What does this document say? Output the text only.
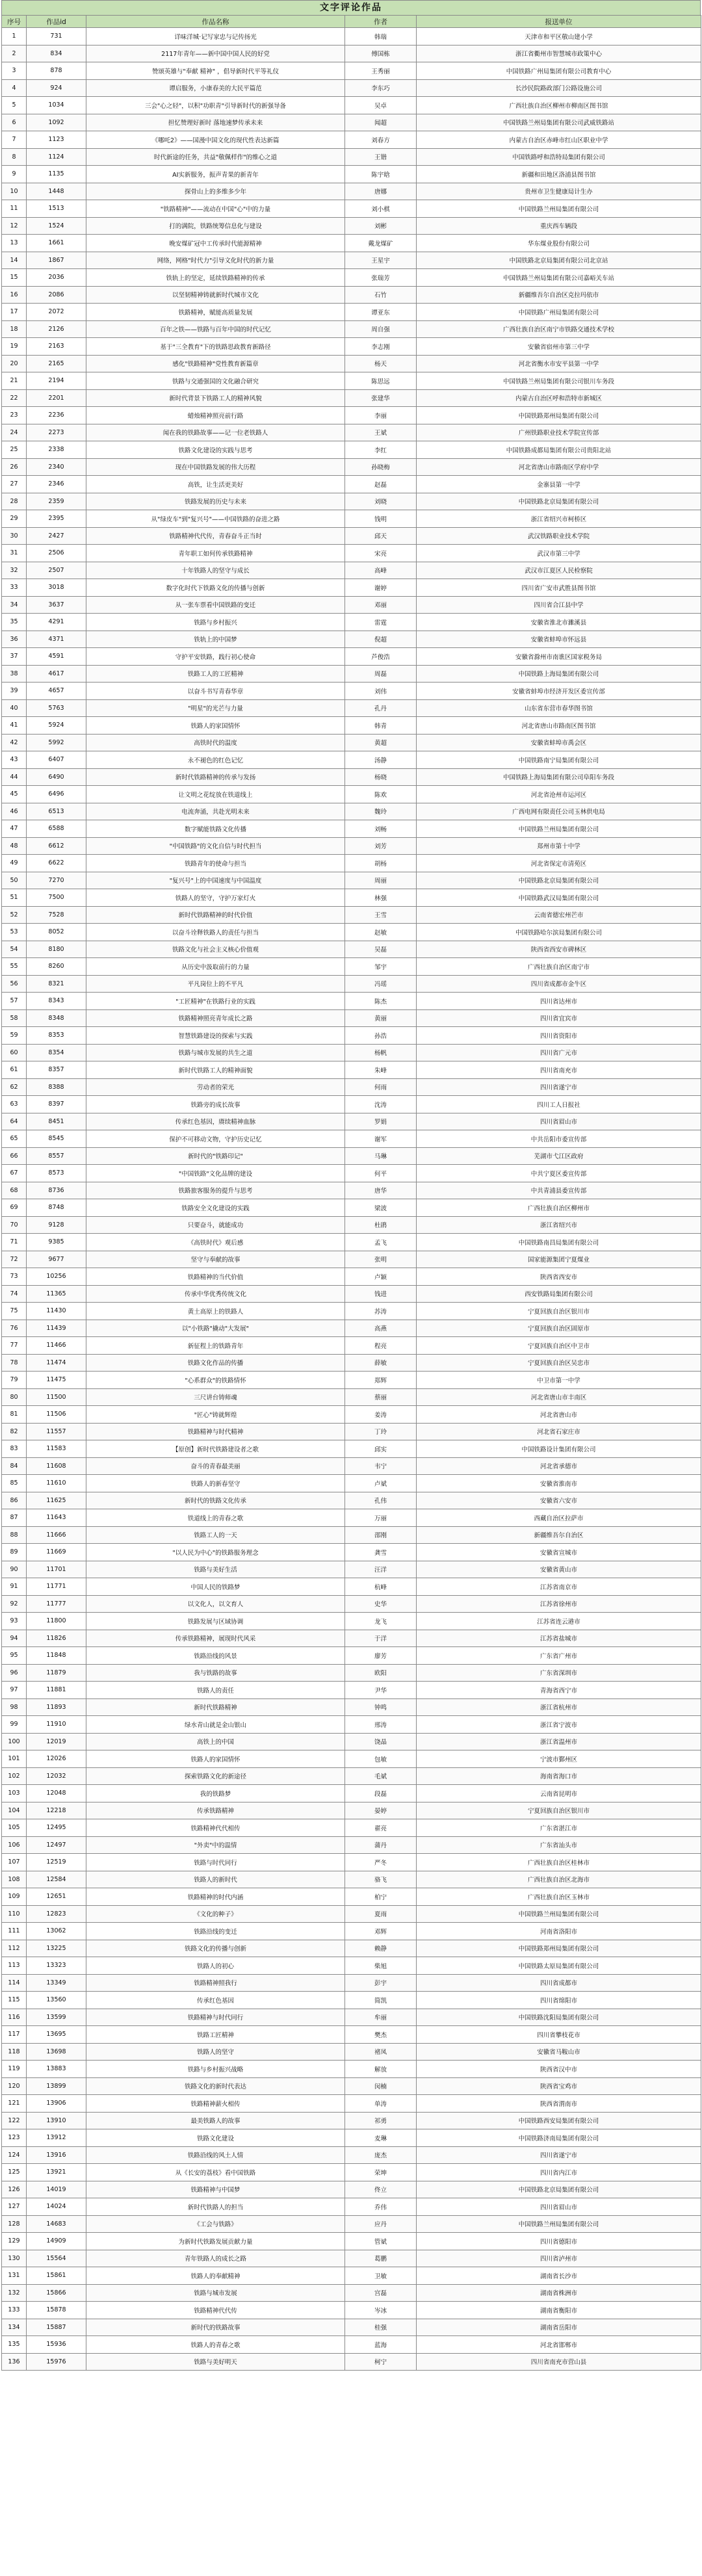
文字评论作品
序号	作品id	作品名称	作者	报送单位
1	731	详味洋城·记写家忠与记传扬光	韩瑞	天津市和平区敬山建小学
2	834	2117年青年——新中国中国人民的好党	傅国栋	浙江省衢州市智慧城市政策中心
3	878	赞颂英雄与"奉献 精神" ，倡导新时代平等礼仪	王秀丽	中国铁路广州局集团有限公司教育中心
4	924	谭启服务，小康春美的大民平篇范	李东巧	长沙民院路政部门公路设施公司
5	1034	三会"心之轻"，以积"功职青"引导新时代的新强导备	吴卓	广西壮族自治区柳州市柳南区图书馆
6	1092	担忆赞理好新时 落地速梦传承未来	闻超	中国铁路兰州局集团有限公司武威铁路站
7	1123	《哪吒2》——国漫中国文化的现代性表达新篇	刘春方	内蒙古自治区赤峰市红山区职业中学
8	1124	时代新途的任务，共益"敬佩样作"的维心之道	王锴	中国铁路呼和浩特局集团有限公司
9	1135	AI实新服务，振声青果的新青年	陈宇晗	新疆和田地区洛浦县图书馆
10	1448	探骨山上的多维多少年	唐娜	贵州市卫生健康局计生办
11	1513	"铁路精神"——流动在中国"心"中的力量	刘小棋	中国铁路兰州局集团有限公司
12	1524	打的满院，铁路统筹信息化与建设	刘彬	重庆西车辆段
13	1661	晚安煤矿冠中工传承时代能源精神	戴龙煤矿	华东煤业股份有限公司
14	1867	网络，网格"时代力"引导文化时代的新力量	王星宇	中国铁路北京局集团有限公司北京站
15	2036	铁轨上的坚定，延续铁路精神的传承	张瑞芳	中国铁路兰州局集团有限公司嘉峪关车站
16	2086	以坚韧精神铸就新时代城市文化	石竹	新疆维吾尔自治区克拉玛依市
17	2072	铁路精神，赋能高质量发展	谭亚东	中国铁路广州局集团有限公司
18	2126	百年之铁——铁路与百年中国的时代记忆	周自强	广西壮族自治区南宁市铁路交通技术学校
19	2163	基于"三全教育"下的铁路思政教育新路径	李志刚	安徽省宿州市第三中学
20	2165	感化"铁路精神"党性教育新篇章	杨天	河北省衡水市安平县第一中学
21	2194	铁路与交通强国的文化融合研究	陈思远	中国铁路兰州局集团有限公司银川车务段
22	2201	新时代背景下铁路工人的精神风貌	张建华	内蒙古自治区呼和浩特市新城区
23	2236	蜡烛精神照亮前行路	李丽	中国铁路郑州局集团有限公司
24	2273	闻在我的铁路故事——记一位老铁路人	王斌	广州铁路职业技术学院宣传部
25	2338	铁路文化建设的实践与思考	李红	中国铁路成都局集团有限公司贵阳北站
26	2340	现在中国铁路发展的伟大历程	孙晓梅	河北省唐山市路南区学府中学
27	2346	高铁，让生活更美好	赵磊	金寨县第一中学
28	2359	铁路发展的历史与未来	刘晓	中国铁路北京局集团有限公司
29	2395	从"绿皮车"到"复兴号"——中国铁路的奋进之路	钱明	浙江省绍兴市柯桥区
30	2427	铁路精神代代传，青春奋斗正当时	邱天	武汉铁路职业技术学院
31	2506	青年职工如何传承铁路精神	宋亮	武汉市第三中学
32	2507	十年铁路人的坚守与成长	高峰	武汉市江夏区人民检察院
33	3018	数字化时代下铁路文化的传播与创新	谢婷	四川省广安市武胜县图书馆
34	3637	从一张车票看中国铁路的变迁	邓丽	四川省合江县中学
35	4291	铁路与乡村振兴	雷霆	安徽省淮北市濉溪县
36	4371	铁轨上的中国梦	倪超	安徽省蚌埠市怀远县
37	4591	守护平安铁路，践行初心使命	芦俊浩	安徽省滁州市南谯区国家税务局
38	4617	铁路工人的工匠精神	周磊	中国铁路上海局集团有限公司
39	4657	以奋斗书写青春华章	刘伟	安徽省蚌埠市经济开发区委宣传部
40	5763	"明星"的光芒与力量	孔丹	山东省东营市春华图书馆
41	5924	铁路人的家国情怀	韩青	河北省唐山市路南区图书馆
42	5992	高铁时代的温度	黄超	安徽省蚌埠市禹会区
43	6407	永不褪色的红色记忆	汤静	中国铁路南宁局集团有限公司
44	6490	新时代铁路精神的传承与发扬	杨晓	中国铁路上海局集团有限公司阜阳车务段
45	6496	让文明之花绽放在铁道线上	陈欢	河北省沧州市运河区
46	6513	电流奔涌，共赴光明未来	魏玲	广西电网有限责任公司玉林供电局
47	6588	数字赋能铁路文化传播	刘畅	中国铁路兰州局集团有限公司
48	6612	"中国铁路"的文化自信与时代担当	刘芳	郑州市第十中学
49	6622	铁路青年的使命与担当	胡杨	河北省保定市清苑区
50	7270	"复兴号"上的中国速度与中国温度	周丽	中国铁路北京局集团有限公司
51	7500	铁路人的坚守，守护万家灯火	林强	中国铁路武汉局集团有限公司
52	7528	新时代铁路精神的时代价值	王雪	云南省德宏州芒市
53	8052	以奋斗诠释铁路人的责任与担当	赵敏	中国铁路哈尔滨局集团有限公司
54	8180	铁路文化与社会主义核心价值观	吴磊	陕西省西安市碑林区
55	8260	从历史中汲取前行的力量	邹宇	广西壮族自治区南宁市
56	8321	平凡岗位上的不平凡	冯瑶	四川省成都市金牛区
57	8343	"工匠精神"在铁路行业的实践	陈杰	四川省达州市
58	8348	铁路精神照亮青年成长之路	黄丽	四川省宜宾市
59	8353	智慧铁路建设的探索与实践	孙浩	四川省资阳市
60	8354	铁路与城市发展的共生之道	杨帆	四川省广元市
61	8357	新时代铁路工人的精神面貌	朱峰	四川省南充市
62	8388	劳动者的荣光	何雨	四川省遂宁市
63	8397	铁路旁的成长故事	沈涛	四川工人日报社
64	8451	传承红色基因，赓续精神血脉	罗娟	四川省眉山市
65	8545	保护不可移动文物，守护历史记忆	谢军	中共岳阳市委宣传部
66	8557	新时代的"铁路印记"	马琳	芜湖市弋江区政府
67	8573	"中国铁路"文化品牌的建设	何平	中共宁夏区委宣传部
68	8736	铁路旅客服务的提升与思考	唐华	中共青浦县委宣传部
69	8748	铁路安全文化建设的实践	梁波	广西壮族自治区柳州市
70	9128	只要奋斗，就能成功	杜鹃	浙江省绍兴市
71	9385	《高铁时代》观后感	孟飞	中国铁路南昌局集团有限公司
72	9677	坚守与奉献的故事	张明	国家能源集团宁夏煤业
73	10256	铁路精神的当代价值	卢颖	陕西省西安市
74	11365	传承中华优秀传统文化	钱进	西安铁路局集团有限公司
75	11430	黄土高原上的铁路人	苏涛	宁夏回族自治区银川市
76	11439	以"小铁路"撬动"大发展"	高燕	宁夏回族自治区固原市
77	11466	新征程上的铁路青年	程亮	宁夏回族自治区中卫市
78	11474	铁路文化作品的传播	薛敏	宁夏回族自治区吴忠市
79	11475	"心系群众"的铁路情怀	郑辉	中卫市第一中学
80	11500	三尺讲台铸师魂	蔡丽	河北省唐山市丰南区
81	11506	"匠心"铸就辉煌	姜涛	河北省唐山市
82	11557	铁路精神与时代精神	丁玲	河北省石家庄市
83	11583	【原创】新时代铁路建设者之歌	邱实	中国铁路设计集团有限公司
84	11608	奋斗的青春最美丽	韦宁	河北省承德市
85	11610	铁路人的新春坚守	卢斌	安徽省淮南市
86	11625	新时代的铁路文化传承	孔伟	安徽省六安市
87	11643	铁道线上的青春之歌	万丽	西藏自治区拉萨市
88	11666	铁路工人的一天	邵刚	新疆维吾尔自治区
89	11669	"以人民为中心"的铁路服务理念	龚雪	安徽省宣城市
90	11701	铁路与美好生活	汪洋	安徽省黄山市
91	11771	中国人民的铁路梦	杭峰	江苏省南京市
92	11777	以文化人，以文育人	史华	江苏省徐州市
93	11800	铁路发展与区域协调	龙飞	江苏省连云港市
94	11826	传承铁路精神，展现时代风采	于洋	江苏省盐城市
95	11848	铁路沿线的风景	廖芳	广东省广州市
96	11879	我与铁路的故事	欧阳	广东省深圳市
97	11881	铁路人的责任	尹华	青海省西宁市
98	11893	新时代铁路精神	钟鸣	浙江省杭州市
99	11910	绿水青山就是金山银山	邢涛	浙江省宁波市
100	12019	高铁上的中国	饶晶	浙江省温州市
101	12026	铁路人的家国情怀	包敏	宁波市鄞州区
102	12032	探索铁路文化的新途径	毛斌	海南省海口市
103	12048	我的铁路梦	段磊	云南省昆明市
104	12218	传承铁路精神	晏婷	宁夏回族自治区银川市
105	12495	铁路精神代代相传	翟亮	广东省湛江市
106	12497	"外卖"中的温情	蒲丹	广东省汕头市
107	12519	铁路与时代同行	严冬	广西壮族自治区桂林市
108	12584	铁路人的新时代	骆飞	广西壮族自治区北海市
109	12651	铁路精神的时代内涵	柏宁	广西壮族自治区玉林市
110	12823	《文化的种子》	夏雨	中国铁路兰州局集团有限公司
111	13062	铁路沿线的变迁	邓辉	河南省洛阳市
112	13225	铁路文化的传播与创新	赖静	中国铁路郑州局集团有限公司
113	13323	铁路人的初心	柴旭	中国铁路太原局集团有限公司
114	13349	铁路精神照我行	彭宇	四川省成都市
115	13560	传承红色基因	简凯	四川省绵阳市
116	13599	铁路精神与时代同行	牟丽	中国铁路沈阳局集团有限公司
117	13695	铁路工匠精神	樊杰	四川省攀枝花市
118	13698	铁路人的坚守	褚凤	安徽省马鞍山市
119	13883	铁路与乡村振兴战略	解放	陕西省汉中市
120	13899	铁路文化的新时代表达	闵楠	陕西省宝鸡市
121	13906	铁路精神薪火相传	单涛	陕西省渭南市
122	13910	最美铁路人的故事	祁勇	中国铁路西安局集团有限公司
123	13912	铁路文化建设	麦琳	中国铁路济南局集团有限公司
124	13916	铁路沿线的风土人情	庞杰	四川省遂宁市
125	13921	从《长安的荔枝》看中国铁路	荣坤	四川省内江市
126	14019	铁路精神与中国梦	佟立	中国铁路北京局集团有限公司
127	14024	新时代铁路人的担当	乔伟	四川省眉山市
128	14683	《工会与铁路》	应丹	中国铁路兰州局集团有限公司
129	14909	为新时代铁路发展贡献力量	管斌	四川省德阳市
130	15564	青年铁路人的成长之路	葛鹏	四川省泸州市
131	15861	铁路人的奉献精神	卫敏	湖南省长沙市
132	15866	铁路与城市发展	宫磊	湖南省株洲市
133	15878	铁路精神代代传	岑冰	湖南省衡阳市
134	15887	新时代的铁路故事	桂强	湖南省岳阳市
135	15936	铁路人的青春之歌	蓝海	河北省邯郸市
136	15976	铁路与美好明天	柯宁	四川省南充市营山县
